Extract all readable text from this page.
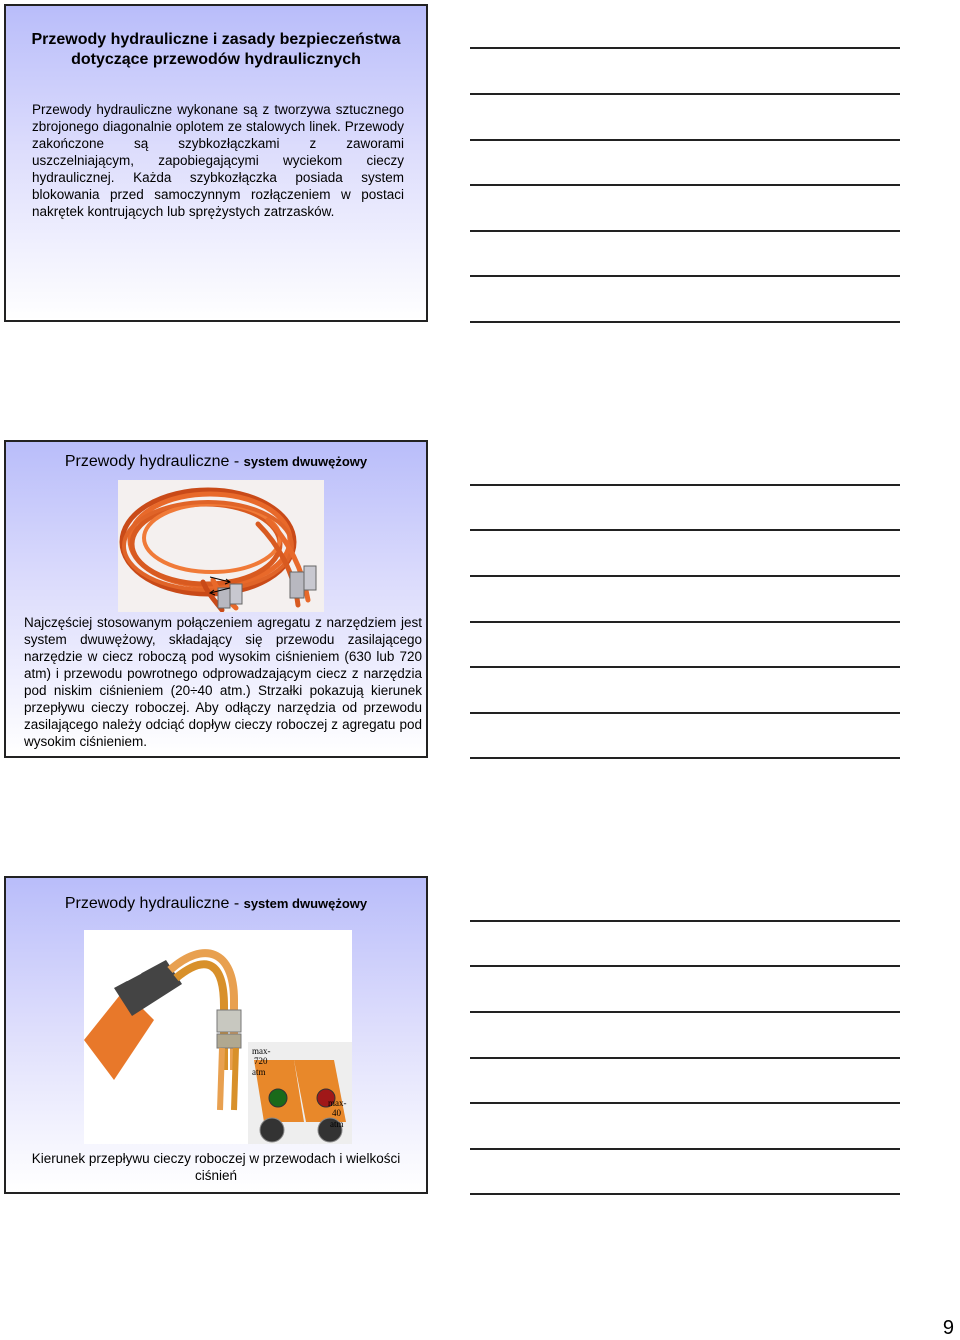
Przewody hydrauliczne i zasady bezpieczeństwa
dotyczące przewodów hydraulicznych
Przewody hydrauliczne wykonane są z tworzywa sztucznego zbrojonego diagonalnie oplotem ze stalowych linek. Przewody zakończone są szybkozłączkami z zaworami uszczelniającym, zapobiegającymi wyciekom cieczy hydraulicznej. Każda szybkozłączka posiada system blokowania przed samoczynnym rozłączeniem w postaci nakrętek kontrujących lub sprężystych zatrzasków.
Przewody hydrauliczne - system dwuwężowy
Najczęściej stosowanym połączeniem agregatu z narzędziem jest system dwuwężowy, składający się przewodu zasilającego narzędzie w ciecz roboczą pod wysokim ciśnieniem (630 lub 720 atm) i przewodu powrotnego odprowadzającym ciecz z narzędzia pod niskim ciśnieniem (20÷40 atm.) Strzałki pokazują kierunek przepływu cieczy roboczej. Aby odłączy narzędzia od przewodu zasilającego należy odciąć dopływ cieczy roboczej z agregatu pod wysokim ciśnieniem.
Przewody hydrauliczne - system dwuwężowy
max-
720
atm
max-
40
atm
Kierunek przepływu cieczy roboczej w przewodach i wielkości ciśnień
9
